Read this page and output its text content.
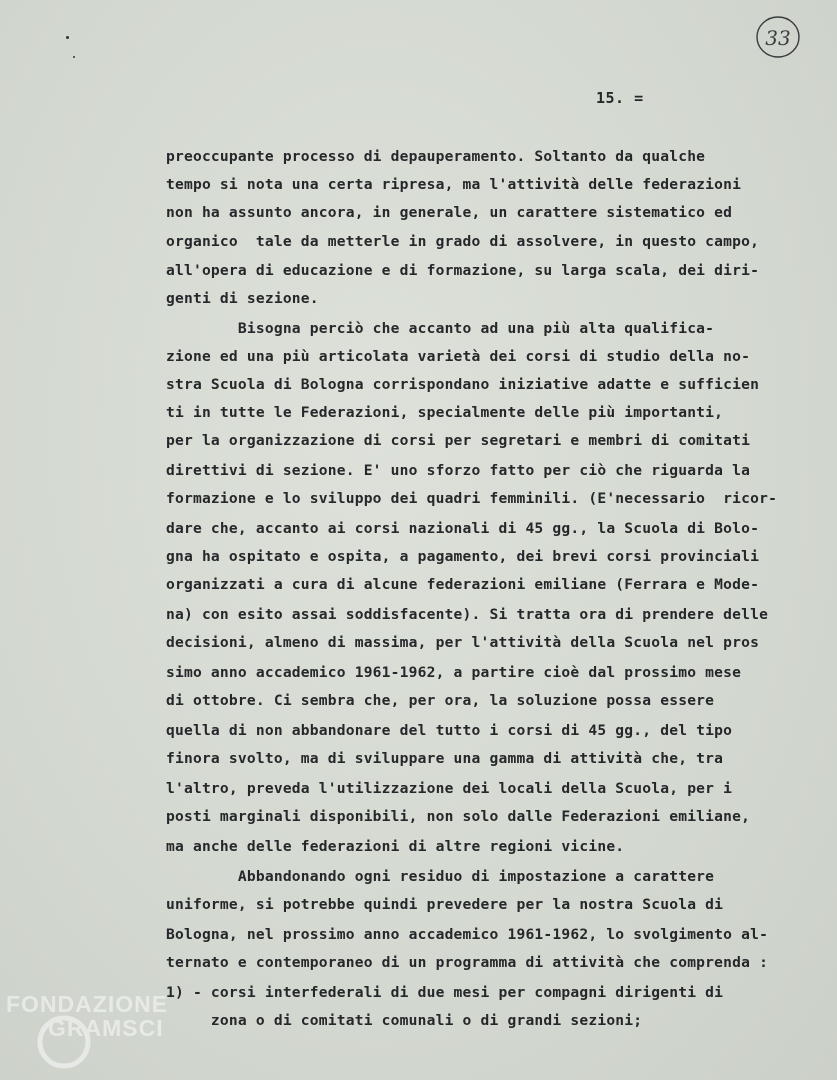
33
15. =
preoccupante processo di depauperamento. Soltanto da qualche
tempo si nota una certa ripresa, ma l'attività delle federazioni
non ha assunto ancora, in generale, un carattere sistematico ed
organico  tale da metterle in grado di assolvere, in questo campo,
all'opera di educazione e di formazione, su larga scala, dei diri-
genti di sezione.
Bisogna perciò che accanto ad una più alta qualifica-
zione ed una più articolata varietà dei corsi di studio della no-
stra Scuola di Bologna corrispondano iniziative adatte e sufficien
ti in tutte le Federazioni, specialmente delle più importanti,
per la organizzazione di corsi per segretari e membri di comitati
direttivi di sezione. E' uno sforzo fatto per ciò che riguarda la
formazione e lo sviluppo dei quadri femminili. (E'necessario  ricor-
dare che, accanto ai corsi nazionali di 45 gg., la Scuola di Bolo-
gna ha ospitato e ospita, a pagamento, dei brevi corsi provinciali
organizzati a cura di alcune federazioni emiliane (Ferrara e Mode-
na) con esito assai soddisfacente). Si tratta ora di prendere delle
decisioni, almeno di massima, per l'attività della Scuola nel pros
simo anno accademico 1961-1962, a partire cioè dal prossimo mese
di ottobre. Ci sembra che, per ora, la soluzione possa essere
quella di non abbandonare del tutto i corsi di 45 gg., del tipo
finora svolto, ma di sviluppare una gamma di attività che, tra
l'altro, preveda l'utilizzazione dei locali della Scuola, per i
posti marginali disponibili, non solo dalle Federazioni emiliane,
ma anche delle federazioni di altre regioni vicine.
Abbandonando ogni residuo di impostazione a carattere
uniforme, si potrebbe quindi prevedere per la nostra Scuola di
Bologna, nel prossimo anno accademico 1961-1962, lo svolgimento al-
ternato e contemporaneo di un programma di attività che comprenda :
1) - corsi interfederali di due mesi per compagni dirigenti di
zona o di comitati comunali o di grandi sezioni;
FONDAZIONE
GRAMSCI
